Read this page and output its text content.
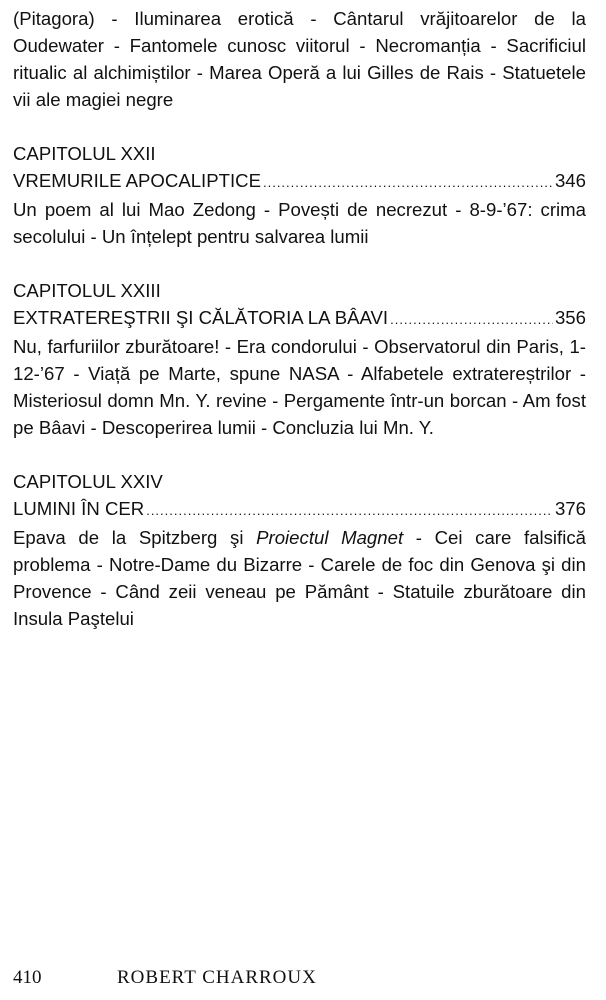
(Pitagora) - Iluminarea erotică - Cântarul vrăjitoarelor de la Oudewater - Fantomele cunosc viitorul - Necromanția - Sacrificiul ritualic al alchimiștilor - Marea Operă a lui Gilles de Rais - Statuetele vii ale magiei negre

CAPITOLUL XXII

VREMURILE APOCALIPTICE .....	346

Un poem al lui Mao Zedong - Povești de necrezut - 8-9-’67: crima secolului - Un înțelept pentru salvarea lumii

CAPITOLUL XXIII

EXTRATEREŞTRII ŞI CĂLĂTORIA LA BÂAVI .....	356

Nu, farfuriilor zburătoare! - Era condorului - Observatorul din Paris, 1-12-’67 - Viață pe Marte, spune NASA - Alfabetele extratereștrilor - Misteriosul domn Mn. Y. revine - Pergamente într-un borcan - Am fost pe Bâavi - Descoperirea lumii - Concluzia lui Mn. Y.

CAPITOLUL XXIV

LUMINI ÎN CER .....	376

Epava de la Spitzberg şi Proiectul Magnet - Cei care falsifică problema - Notre-Dame du Bizarre - Carele de foc din Genova şi din Provence - Când zeii veneau pe Pământ - Statuile zburătoare din Insula Paştelui

410	ROBERT CHARROUX
